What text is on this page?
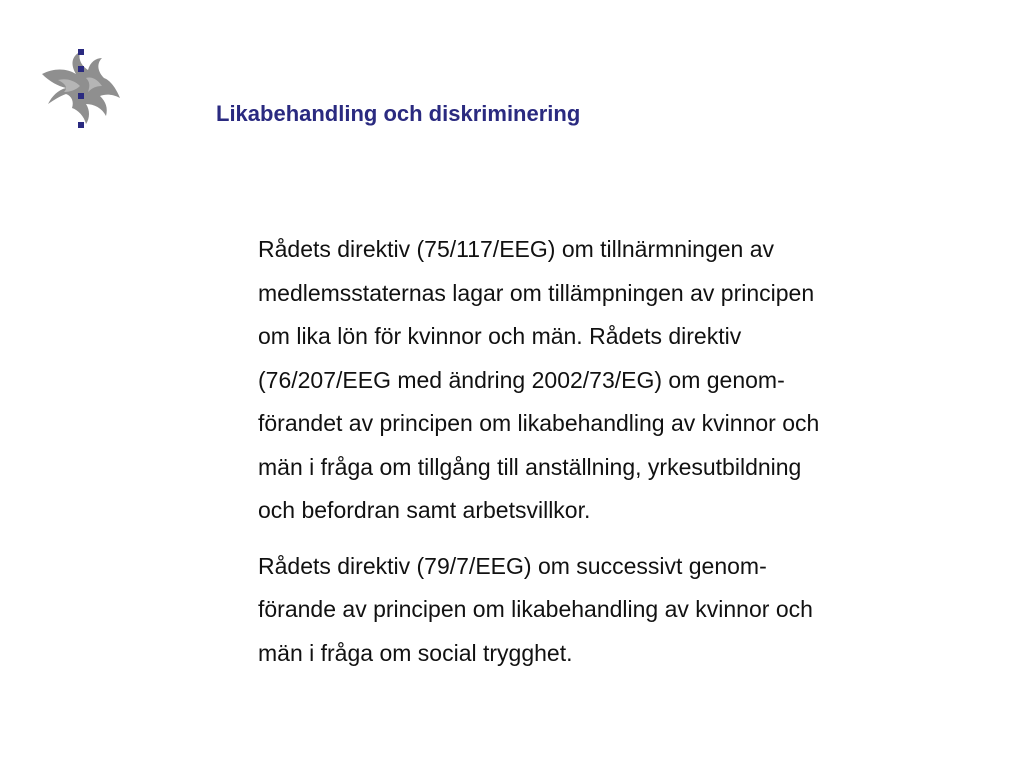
Likabehandling och diskriminering

Rådets direktiv (75/117/EEG) om tillnärmningen av
medlemsstaternas lagar om tillämpningen av principen
om lika lön för kvinnor och män. Rådets direktiv
(76/207/EEG med ändring 2002/73/EG) om genom-
förandet av principen om likabehandling av kvinnor och
män i fråga om tillgång till anställning, yrkesutbildning
och befordran samt arbetsvillkor.

Rådets direktiv (79/7/EEG) om successivt genom-
förande av principen om likabehandling av kvinnor och
män i fråga om social trygghet.
